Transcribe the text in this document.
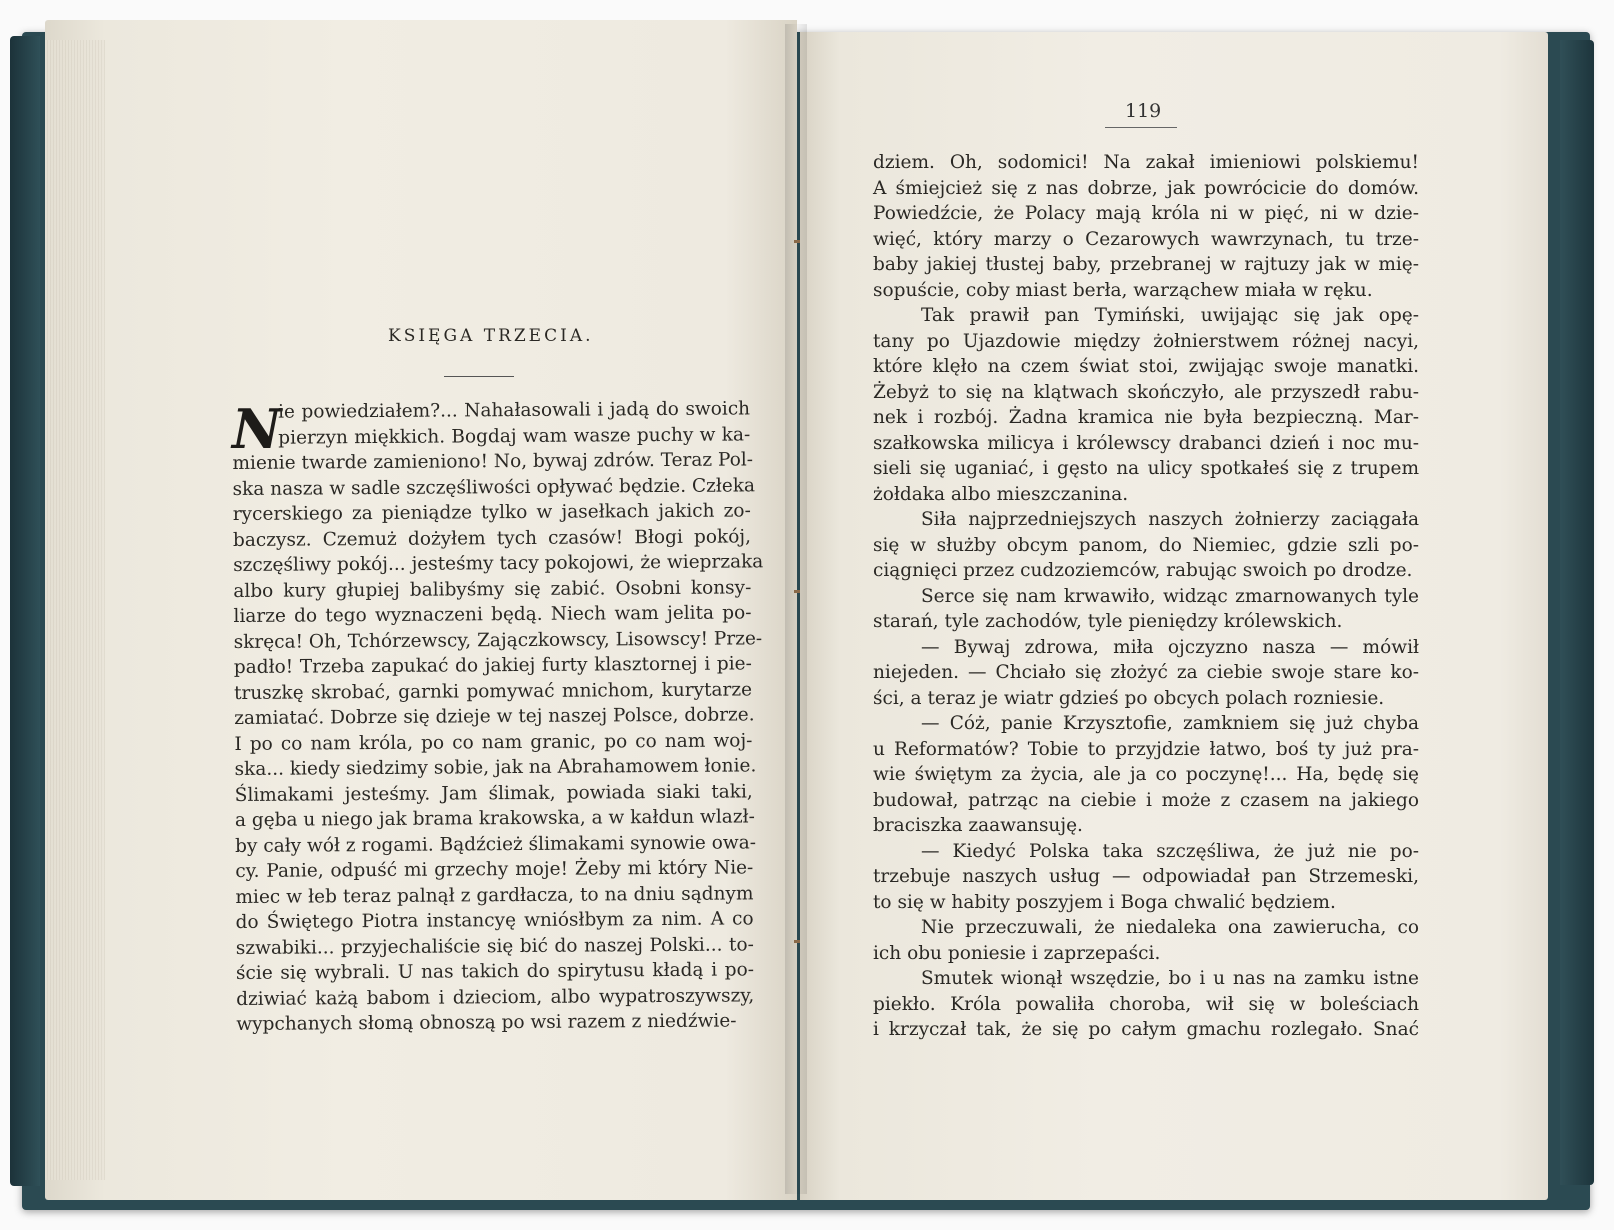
KSIĘGA TRZECIA.
N
ie powiedziałem?... Nahałasowali i jadą do swoich
pierzyn miękkich. Bogdaj wam wasze puchy w ka-
mienie twarde zamieniono! No, bywaj zdrów. Teraz Pol-
ska nasza w sadle szczęśliwości opływać będzie. Człeka
rycerskiego za pieniądze tylko w jasełkach jakich zo-
baczysz. Czemuż dożyłem tych czasów! Błogi pokój,
szczęśliwy pokój... jesteśmy tacy pokojowi, że wieprzaka
albo kury głupiej balibyśmy się zabić. Osobni konsy-
liarze do tego wyznaczeni będą. Niech wam jelita po-
skręca! Oh, Tchórzewscy, Zajączkowscy, Lisowscy! Prze-
padło! Trzeba zapukać do jakiej furty klasztornej i pie-
truszkę skrobać, garnki pomywać mnichom, kurytarze
zamiatać. Dobrze się dzieje w tej naszej Polsce, dobrze.
I po co nam króla, po co nam granic, po co nam woj-
ska... kiedy siedzimy sobie, jak na Abrahamowem łonie.
Ślimakami jesteśmy. Jam ślimak, powiada siaki taki,
a gęba u niego jak brama krakowska, a w kałdun wlazł-
by cały wół z rogami. Bądźcież ślimakami synowie owa-
cy. Panie, odpuść mi grzechy moje! Żeby mi który Nie-
miec w łeb teraz palnął z gardłacza, to na dniu sądnym
do Świętego Piotra instancyę wniósłbym za nim. A co
szwabiki... przyjechaliście się bić do naszej Polski... to-
ście się wybrali. U nas takich do spirytusu kładą i po-
dziwiać każą babom i dzieciom, albo wypatroszywszy,
wypchanych słomą obnoszą po wsi razem z niedźwie-
119
dziem. Oh, sodomici! Na zakał imieniowi polskiemu!
A śmiejcież się z nas dobrze, jak powrócicie do domów.
Powiedźcie, że Polacy mają króla ni w pięć, ni w dzie-
więć, który marzy o Cezarowych wawrzynach, tu trze-
baby jakiej tłustej baby, przebranej w rajtuzy jak w mię-
sopuście, coby miast berła, warząchew miała w ręku.
Tak prawił pan Tymiński, uwijając się jak opę-
tany po Ujazdowie między żołnierstwem różnej nacyi,
które klęło na czem świat stoi, zwijając swoje manatki.
Żebyż to się na klątwach skończyło, ale przyszedł rabu-
nek i rozbój. Żadna kramica nie była bezpieczną. Mar-
szałkowska milicya i królewscy drabanci dzień i noc mu-
sieli się uganiać, i gęsto na ulicy spotkałeś się z trupem
żołdaka albo mieszczanina.
Siła najprzedniejszych naszych żołnierzy zaciągała
się w służby obcym panom, do Niemiec, gdzie szli po-
ciągnięci przez cudzoziemców, rabując swoich po drodze.
Serce się nam krwawiło, widząc zmarnowanych tyle
starań, tyle zachodów, tyle pieniędzy królewskich.
— Bywaj zdrowa, miła ojczyzno nasza — mówił
niejeden. — Chciało się złożyć za ciebie swoje stare ko-
ści, a teraz je wiatr gdzieś po obcych polach rozniesie.
— Cóż, panie Krzysztofie, zamkniem się już chyba
u Reformatów? Tobie to przyjdzie łatwo, boś ty już pra-
wie świętym za życia, ale ja co poczynę!... Ha, będę się
budował, patrząc na ciebie i może z czasem na jakiego
braciszka zaawansuję.
— Kiedyć Polska taka szczęśliwa, że już nie po-
trzebuje naszych usług — odpowiadał pan Strzemeski,
to się w habity poszyjem i Boga chwalić będziem.
Nie przeczuwali, że niedaleka ona zawierucha, co
ich obu poniesie i zaprzepaści.
Smutek wionął wszędzie, bo i u nas na zamku istne
piekło. Króla powaliła choroba, wił się w boleściach
i krzyczał tak, że się po całym gmachu rozlegało. Snać
